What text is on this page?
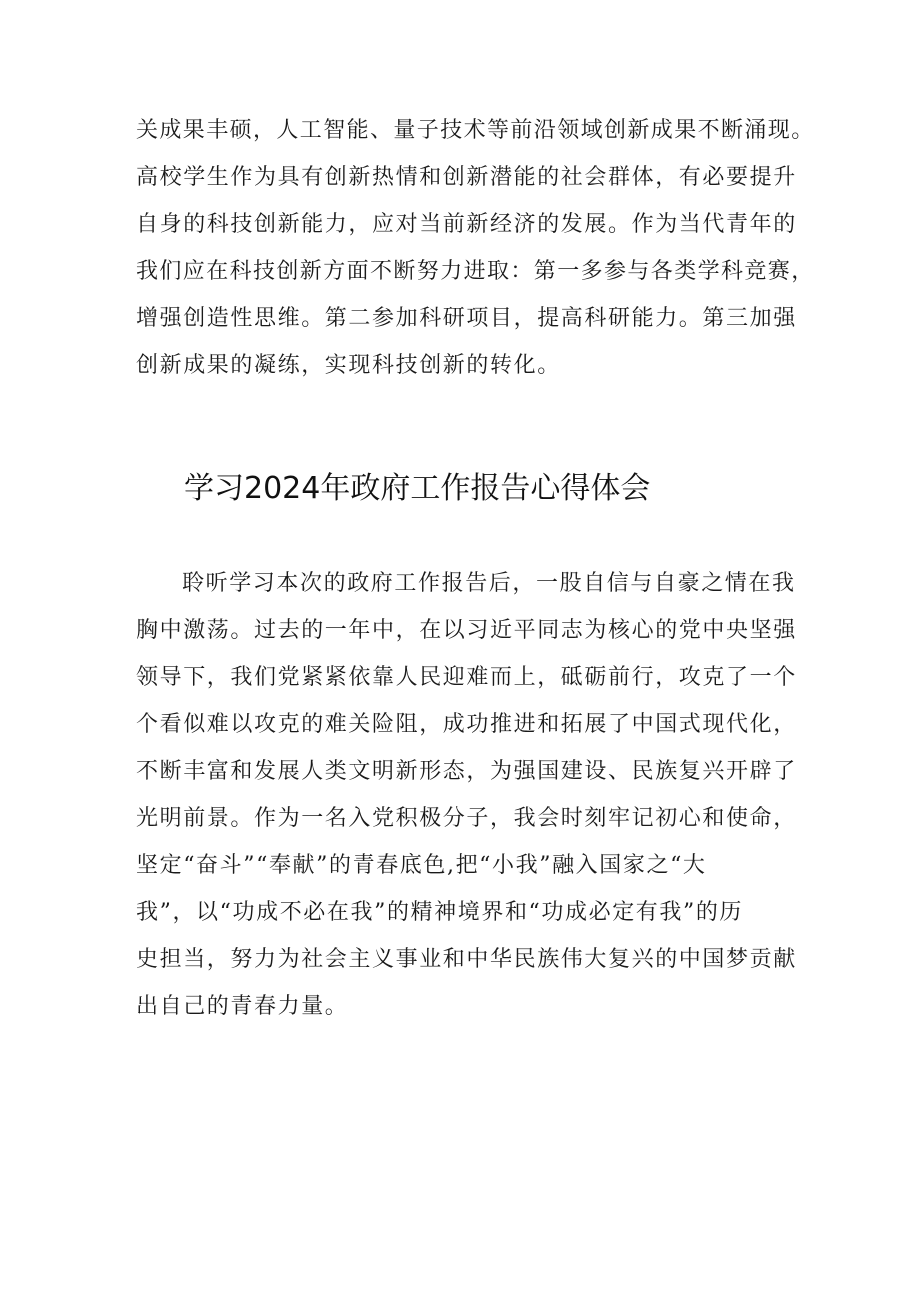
关成果丰硕，人工智能、量子技术等前沿领域创新成果不断涌现。
高校学生作为具有创新热情和创新潜能的社会群体，有必要提升
自身的科技创新能力，应对当前新经济的发展。作为当代青年的
我们应在科技创新方面不断努力进取：第一多参与各类学科竞赛，
增强创造性思维。第二参加科研项目，提高科研能力。第三加强
创新成果的凝练，实现科技创新的转化。
学习2024年政府工作报告心得体会
聆听学习本次的政府工作报告后，一股自信与自豪之情在我
胸中激荡。过去的一年中，在以习近平同志为核心的党中央坚强
领导下，我们党紧紧依靠人民迎难而上，砥砺前行，攻克了一个
个看似难以攻克的难关险阻，成功推进和拓展了中国式现代化，
不断丰富和发展人类文明新形态，为强国建设、民族复兴开辟了
光明前景。作为一名入党积极分子，我会时刻牢记初心和使命，
坚定“奋斗”“奉献”的青春底色,把“小我”融入国家之“大
我”，以“功成不必在我”的精神境界和“功成必定有我”的历
史担当，努力为社会主义事业和中华民族伟大复兴的中国梦贡献
出自己的青春力量。
